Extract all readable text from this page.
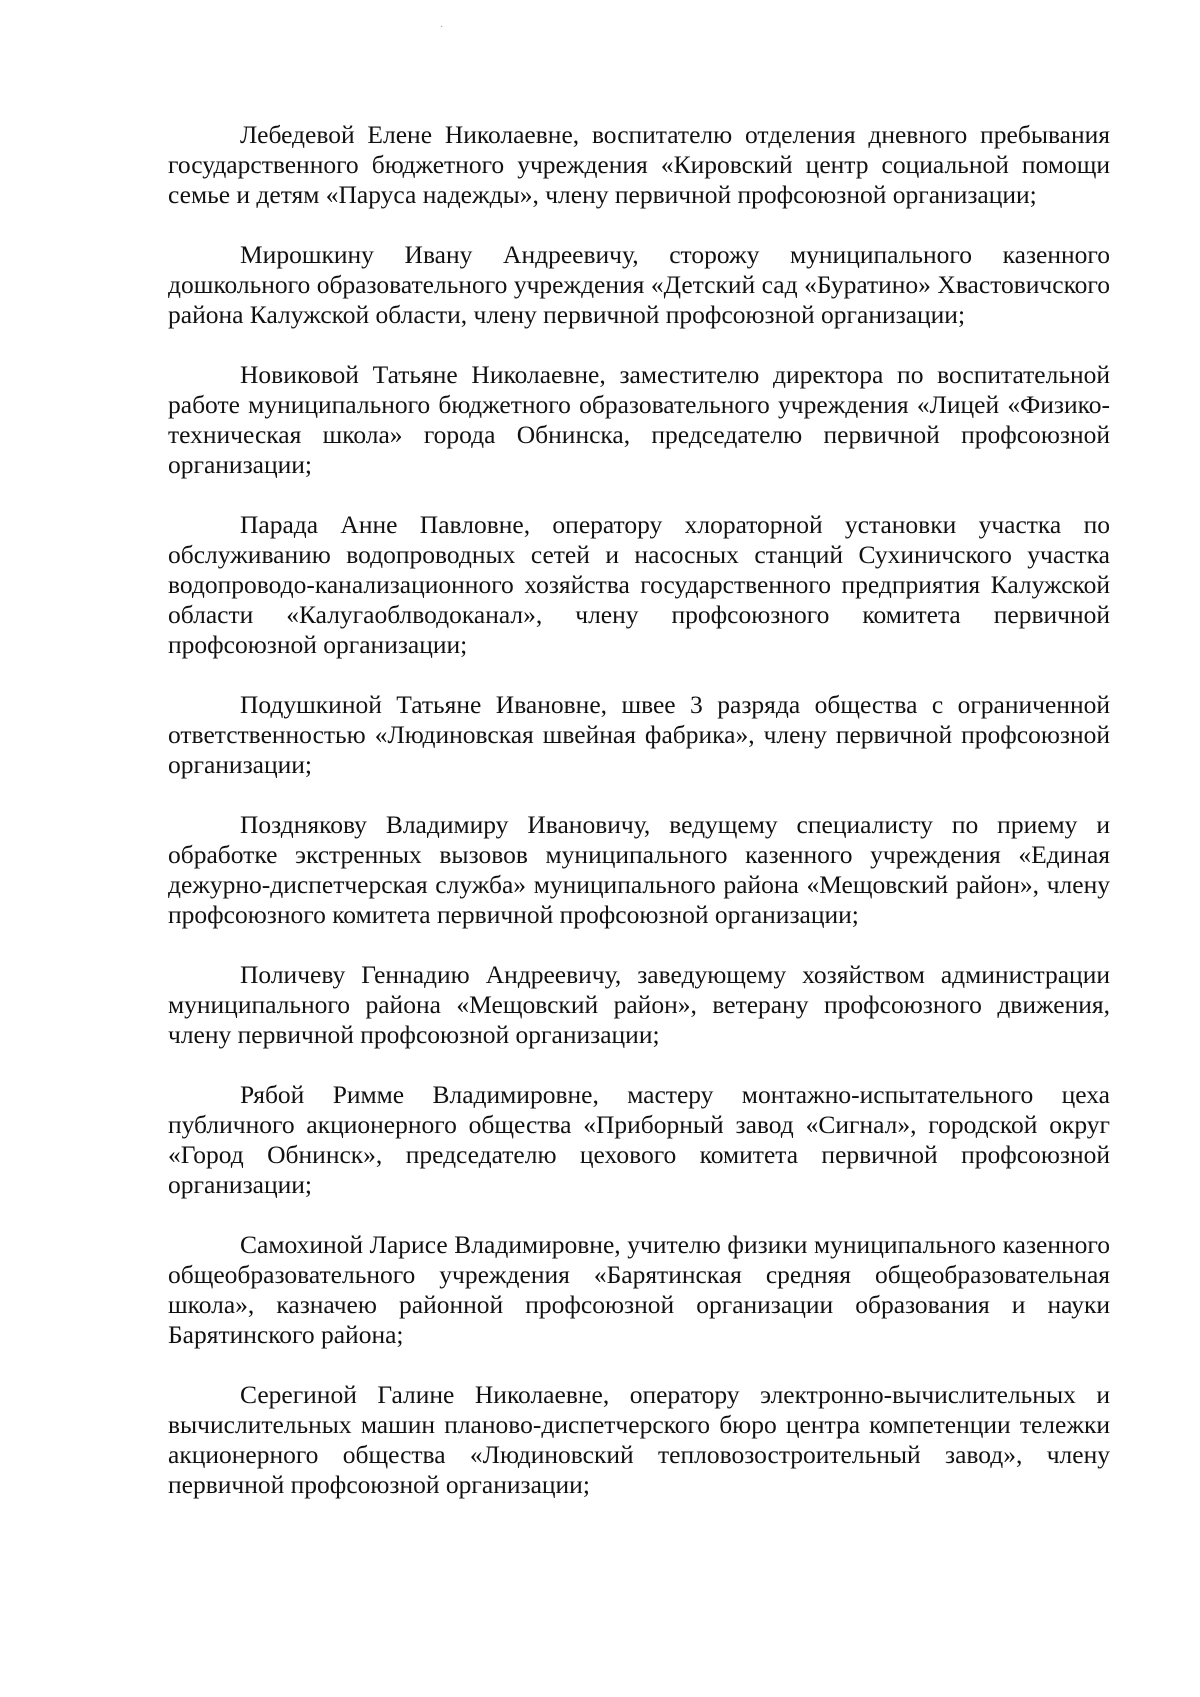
·

Лебедевой Елене Николаевне, воспитателю отделения дневного пребывания государственного бюджетного учреждения «Кировский центр социальной помощи семье и детям «Паруса надежды», члену первичной профсоюзной организации;

Мирошкину Ивану Андреевичу, сторожу муниципального казенного дошкольного образовательного учреждения «Детский сад «Буратино» Хвастовичского района Калужской области, члену первичной профсоюзной организации;

Новиковой Татьяне Николаевне, заместителю директора по воспитательной работе муниципального бюджетного образовательного учреждения «Лицей «Физико-техническая школа» города Обнинска, председателю первичной профсоюзной организации;

Парада Анне Павловне, оператору хлораторной установки участка по обслуживанию водопроводных сетей и насосных станций Сухиничского участка водопроводо-канализационного хозяйства государственного предприятия Калужской области «Калугаоблводоканал», члену профсоюзного комитета первичной профсоюзной организации;

Подушкиной Татьяне Ивановне, швее 3 разряда общества с ограниченной ответственностью «Людиновская швейная фабрика», члену первичной профсоюзной организации;

Позднякову Владимиру Ивановичу, ведущему специалисту по приему и обработке экстренных вызовов муниципального казенного учреждения «Единая дежурно-диспетчерская служба» муниципального района «Мещовский район», члену профсоюзного комитета первичной профсоюзной организации;

Поличеву Геннадию Андреевичу, заведующему хозяйством администрации муниципального района «Мещовский район», ветерану профсоюзного движения, члену первичной профсоюзной организации;

Рябой Римме Владимировне, мастеру монтажно-испытательного цеха публичного акционерного общества «Приборный завод «Сигнал», городской округ «Город Обнинск», председателю цехового комитета первичной профсоюзной организации;

Самохиной Ларисе Владимировне, учителю физики муниципального казенного общеобразовательного учреждения «Барятинская средняя общеобразовательная школа», казначею районной профсоюзной организации образования и науки Барятинского района;

Серегиной Галине Николаевне, оператору электронно-вычислительных и вычислительных машин планово-диспетчерского бюро центра компетенции тележки акционерного общества «Людиновский тепловозостроительный завод», члену первичной профсоюзной организации;
